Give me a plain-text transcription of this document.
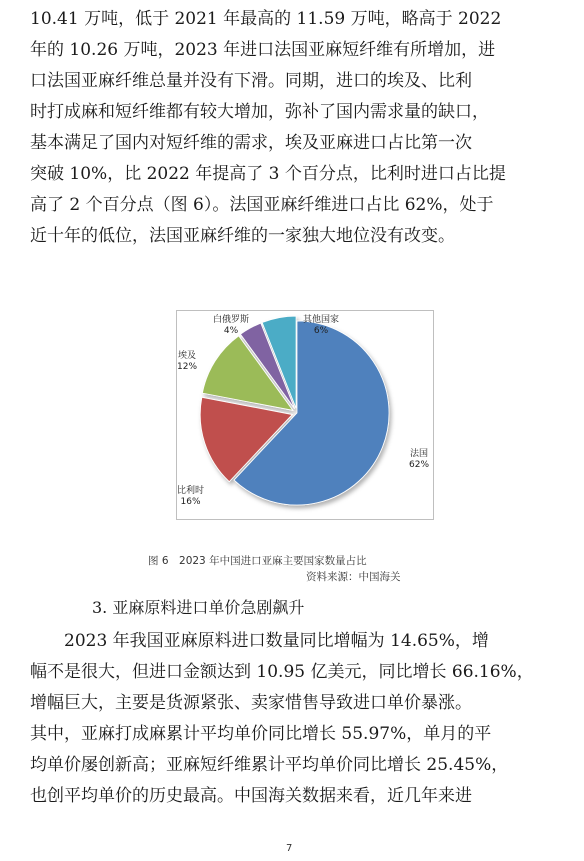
10.41 万吨，低于 2021 年最高的 11.59 万吨，略高于 2022
年的 10.26 万吨，2023 年进口法国亚麻短纤维有所增加，进
口法国亚麻纤维总量并没有下滑。同期，进口的埃及、比利
时打成麻和短纤维都有较大增加，弥补了国内需求量的缺口，
基本满足了国内对短纤维的需求，埃及亚麻进口占比第一次
突破 10%，比 2022 年提高了 3 个百分点，比利时进口占比提
高了 2 个百分点（图 6）。法国亚麻纤维进口占比 62%，处于
近十年的低位，法国亚麻纤维的一家独大地位没有改变。
法国
62%
比利时
16%
埃及
12%
白俄罗斯
4%
其他国家
6%
图 6　2023 年中国进口亚麻主要国家数量占比
资料来源：中国海关
3. 亚麻原料进口单价急剧飙升
2023 年我国亚麻原料进口数量同比增幅为 14.65%，增
幅不是很大，但进口金额达到 10.95 亿美元，同比增长 66.16%，
增幅巨大，主要是货源紧张、卖家惜售导致进口单价暴涨。
其中，亚麻打成麻累计平均单价同比增长 55.97%，单月的平
均单价屡创新高；亚麻短纤维累计平均单价同比增长 25.45%，
也创平均单价的历史最高。中国海关数据来看，近几年来进
7
